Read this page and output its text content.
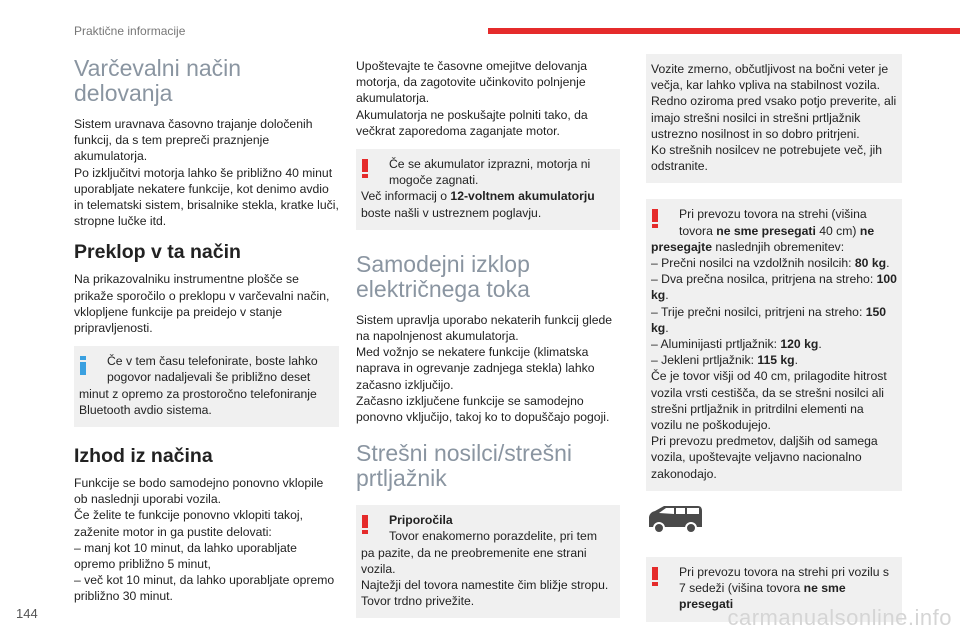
Praktične informacije
Varčevalni način delovanja

Sistem uravnava časovno trajanje določenih funkcij, da s tem prepreči praznjenje akumulatorja.

Po izključitvi motorja lahko še približno 40 minut uporabljate nekatere funkcije, kot denimo avdio in telematski sistem, brisalnike stekla, kratke luči, stropne lučke itd.

Preklop v ta način

Na prikazovalniku instrumentne plošče se prikaže sporočilo o preklopu v varčevalni način, vklopljene funkcije pa preidejo v stanje pripravljenosti.

Če v tem času telefonirate, boste lahko pogovor nadaljevali še približno deset
minut z opremo za prostoročno telefoniranje Bluetooth avdio sistema.
Izhod iz načina

Funkcije se bodo samodejno ponovno vklopile ob naslednji uporabi vozila.

Če želite te funkcije ponovno vklopiti takoj, zaženite motor in ga pustite delovati:

– manj kot 10 minut, da lahko uporabljate opremo približno 5 minut,

– več kot 10 minut, da lahko uporabljate opremo približno 30 minut.

Upoštevajte te časovne omejitve delovanja motorja, da zagotovite učinkovito polnjenje akumulatorja.

Akumulatorja ne poskušajte polniti tako, da večkrat zaporedoma zaganjate motor.

Če se akumulator izprazni, motorja ni mogoče zagnati.
Več informacij o 12-voltnem akumulatorju boste našli v ustreznem poglavju.
Samodejni izklop električnega toka

Sistem upravlja uporabo nekaterih funkcij glede na napolnjenost akumulatorja.

Med vožnjo se nekatere funkcije (klimatska naprava in ogrevanje zadnjega stekla) lahko začasno izključijo.

Začasno izključene funkcije se samodejno ponovno vključijo, takoj ko to dopuščajo pogoji.

Strešni nosilci/strešni prtljažnik
Priporočila
Tovor enakomerno porazdelite, pri tem
pa pazite, da ne preobremenite ene strani vozila.
Najtežji del tovora namestite čim bližje stropu.
Tovor trdno privežite.

Vozite zmerno, občutljivost na bočni veter je večja, kar lahko vpliva na stabilnost vozila.

Redno oziroma pred vsako potjo preverite, ali imajo strešni nosilci in strešni prtljažnik ustrezno nosilnost in so dobro pritrjeni.

Ko strešnih nosilcev ne potrebujete več, jih odstranite.

Pri prevozu tovora na strehi (višina tovora ne sme presegati 40 cm) ne
presegajte naslednjih obremenitev:
– Prečni nosilci na vzdolžnih nosilcih: 80 kg.
– Dva prečna nosilca, pritrjena na streho: 100 kg.
– Trije prečni nosilci, pritrjeni na streho: 150 kg.
– Aluminijasti prtljažnik: 120 kg.
– Jekleni prtljažnik: 115 kg.
Če je tovor višji od 40 cm, prilagodite hitrost vozila vrsti cestišča, da se strešni nosilci ali strešni prtljažnik in pritrdilni elementi na vozilu ne poškodujejo.
Pri prevozu predmetov, daljših od samega vozila, upoštevajte veljavno nacionalno zakonodajo.
Pri prevozu tovora na strehi pri vozilu s 7 sedeži (višina tovora ne sme presegati
144	carmanualsonline.info
